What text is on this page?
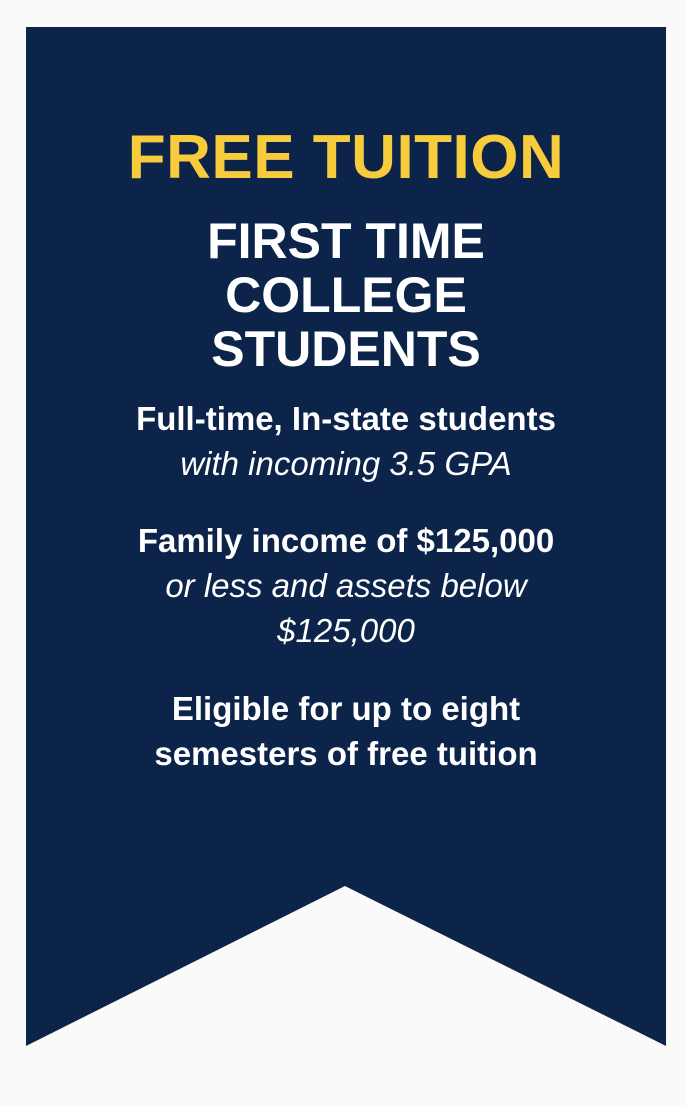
FREE TUITION
FIRST TIME
COLLEGE
STUDENTS

Full-time, In-state students
with incoming 3.5 GPA

Family income of $125,000
or less and assets below
$125,000

Eligible for up to eight
semesters of free tuition
